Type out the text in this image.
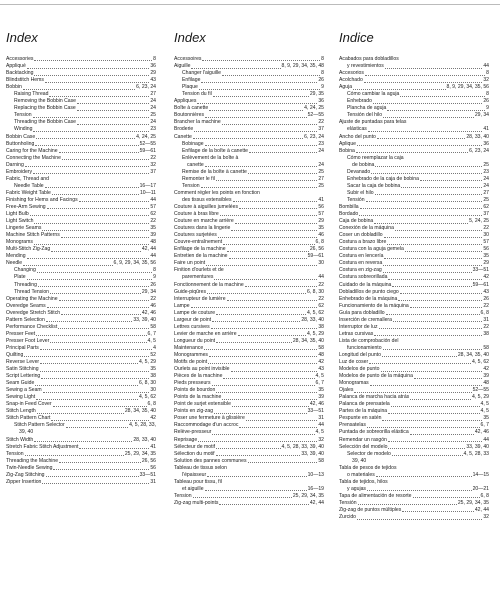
Index
Accessories	8
Appliqué	36
Backtacking	29
Blindstitch Hems	43
Bobbin	6, 23, 24
Raising Thread	27
Removing the Bobbin Case	24
Replacing the Bobbin Case	24
Tension	25
Threading the Bobbin Case	24
Winding	23
Bobbin Case	4, 24, 25
Buttonholing	52—55
Caring for the Machine	59—61
Connecting the Machine	22
Darning	32
Embroidery	37
Fabric, Thread and
Needle Table	16—17
Fabric Weight Table	10—11
Finishing for Hems and Facings	44
Free-Arm Sewing	57
Light Bulb	62
Light Switch	22
Lingerie Seams	35
Machine Stitch Patterns	39
Monograms	48
Multi-Stitch Zig-Zag	42, 44
Mending	44
Needle	6, 9, 29, 34, 35, 56
Changing	8
Plate	9
Threading	26
Thread Tension	29, 34
Operating the Machine	22
Overedge Seams	46
Overedge Stretch Stitch	42, 46
Pattern Selection	33, 39, 40
Performance Checklist	58
Presser Feet	6, 7
Presser Foot Lever	4, 5
Principal Parts	4
Quilting	52
Reverse Lever	4, 5, 29
Satin Stitching	35
Script Lettering	38
Seam Guide	6, 8, 30
Sewing a Seam	30
Sewing Light	4, 5, 62
Snap-in Feed Cover	6, 8
Stitch Length	28, 34, 35, 40
Stitch Pattern Chart	42
Stitch Pattern Selector	4, 5, 28, 33,
39, 40
Stitch Width	28, 33, 40
Stretch Fabric Stitch Adjustment	41
Tension	25, 29, 34, 35
Threading the Machine	26, 56
Twin-Needle Sewing	56
Zig-Zag Stitching	33—51
Zipper Insertion	31
Index
Accessoires	8
Aiguille	8, 9, 29, 34, 35, 48
Changer l'aiguille	8
Enfilage	26
Plaque	9
Tension du fil	29, 35
Appliques	36
Boîte à canette	4, 24, 25
Boutonnières	52—55
Brancher la machine	22
Broderie	37
Canette	6, 23, 24
Bobinage	23
Enfilage de la boîte à canette	24
Enlèvement de la boîte à
canette	24
Remise de la boîte à canette	25
Remonter le fil	27
Tension	25
Comment régler les points en fonction
des tissus extensibles	41
Couture à aiguilles jumelées	56
Couture à bras libre	57
Couture en marche arrière	29
Coutures dans la lingerie	35
Coutures surjetées	46
Couvre-entraînement	6, 8
Enfilage de la machine	26, 56
Entretien de la machine	59—61
Faire un point	30
Finition d'ourlets et de
parementures	44
Fonctionnement de la machine	22
Guide-piqûres	6, 8, 30
Interrupteur de lumière	22
Lampe	62
Lampe de couture	4, 5, 62
Largeur de point	28, 33, 40
Lettres cursives	38
Levier de marche en arrière	4, 5, 29
Longueur du point	28, 34, 35, 40
Maintenance	58
Monogrammes	48
Motifs de point	42
Ourlets au point invisible	43
Pièces de la machine	4, 5
Pieds presseurs	6, 7
Points de bourdon	35
Points de la machine	39
Point de surjet extensible	42, 46
Points en zig-zag	33—51
Poser une fermeture à glissière	31
Raccommodage d'un accroc	44
Relève-presseur	4, 5
Reprisage	32
Sélecteur de motif	4, 5, 28, 33, 39, 40
Sélection du motif	33, 39, 40
Solution des pannes communes	58
Tableau de tissus selon
l'épaisseur	10—13
Tableau pour tissu, fil
et aiguille	16—19
Tension	25, 29, 34, 35
Zig-zag multi-points	42, 44
Indice
Acabados para dobladillos
y revestimientos	44
Accesorios	8
Acolchado	32
Aguja	8, 9, 29, 34, 35, 56
Cómo cambiar la aguja	8
Enhebrado	26
Plancha de aguja	9
Tensión del hilo	29, 34
Ajuste de puntadas para telas
elásticas	41
Ancho del punto	28, 33, 40
Aplique	36
Bobina	6, 23, 24
Cómo reemplazar la caja
de bobina	25
Devanado	23
Enhebrado de la caja de bobina	24
Sacar la caja de bobina	24
Subir el hilo	27
Tensión	25
Bombilla	62
Bordado	37
Caja de bobina	5, 24, 25
Conexión de la máquina	22
Coser un dobladillo	30
Costura a brazo libre	57
Costura con la aguja gemela	56
Costura en lencería	35
Costura en reversa	29
Costura en zig-zag	33—51
Costura sobreorillada	42
Cuidado de la máquina	59—61
Dobladillos de punto ciego	43
Enhebrado de la máquina	26
Funcionamiento de la máquina	22
Guía para dobladillo	6, 8
Inserción de cremallera	31
Interruptor de luz	22
Letras cursivas	38
Lista de comprobación del
funcionamiento	58
Longitud del punto	28, 34, 35, 40
Luz de coser	4, 5, 62
Modelos de punto	42
Modelos de punto de la máquina	39
Monogramas	48
Ojales	52—55
Palanca de marcha hacia atrás	4, 5, 29
Palanca de prensatela	4, 5
Partes de la máquina	4, 5
Pespunte en satén	35
Prensatelas	6, 7
Puntada de sobreorilla elástica	42, 46
Remendar un rasgón	44
Selección del modelo	33, 39, 40
Selector de modelo	4, 5, 28, 33
39, 40
Tabla de pesos de tejidos
o materiales	14—15
Tabla de tejidos, hilos
y agujas	20—21
Tapa de alimentación de resorte	6, 8
Tensión	25, 29, 34, 35
Zig-zag de puntos múltiples	42, 44
Zurcido	32
